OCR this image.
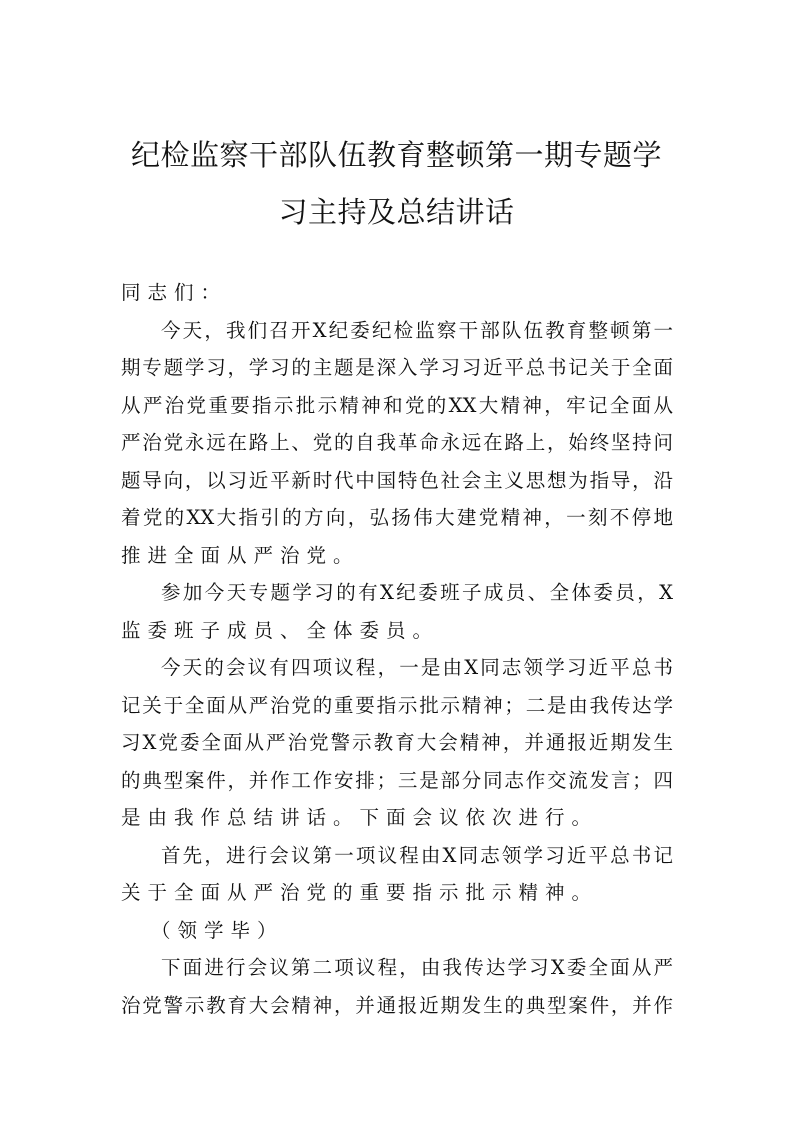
纪检监察干部队伍教育整顿第一期专题学
习主持及总结讲话
同志们：
今天，我们召开X纪委纪检监察干部队伍教育整顿第一
期专题学习，学习的主题是深入学习习近平总书记关于全面
从严治党重要指示批示精神和党的XX大精神，牢记全面从
严治党永远在路上、党的自我革命永远在路上，始终坚持问
题导向，以习近平新时代中国特色社会主义思想为指导，沿
着党的XX大指引的方向，弘扬伟大建党精神，一刻不停地
推进全面从严治党。
参加今天专题学习的有X纪委班子成员、全体委员，X
监委班子成员、全体委员。
今天的会议有四项议程，一是由X同志领学习近平总书
记关于全面从严治党的重要指示批示精神；二是由我传达学
习X党委全面从严治党警示教育大会精神，并通报近期发生
的典型案件，并作工作安排；三是部分同志作交流发言；四
是由我作总结讲话。下面会议依次进行。
首先，进行会议第一项议程由X同志领学习近平总书记
关于全面从严治党的重要指示批示精神。
（领学毕）
下面进行会议第二项议程，由我传达学习X委全面从严
治党警示教育大会精神，并通报近期发生的典型案件，并作
